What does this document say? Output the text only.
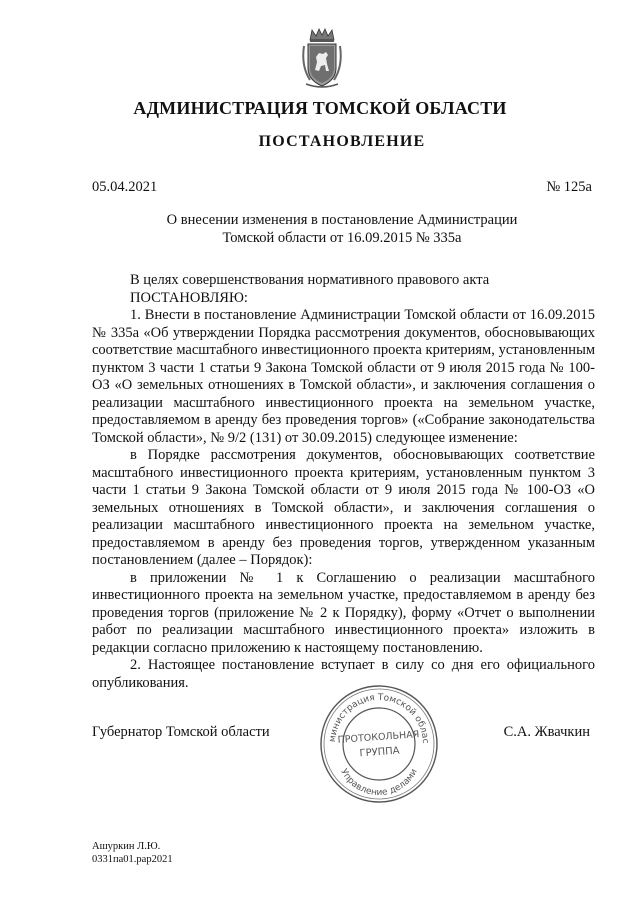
АДМИНИСТРАЦИЯ ТОМСКОЙ ОБЛАСТИ
ПОСТАНОВЛЕНИЕ
05.04.2021	№ 125а
О внесении изменения в постановление Администрации
Томской области от 16.09.2015 № 335а

В целях совершенствования нормативного правового акта

ПОСТАНОВЛЯЮ:

1. Внести в постановление Администрации Томской области от 16.09.2015 № 335а «Об утверждении Порядка рассмотрения документов, обосновывающих соответствие масштабного инвестиционного проекта критериям, установленным пунктом 3 части 1 статьи 9 Закона Томской области от 9 июля 2015 года № 100-ОЗ «О земельных отношениях в Томской области», и заключения соглашения о реализации масштабного инвестиционного проекта на земельном участке, предоставляемом в аренду без проведения торгов» («Собрание законодательства Томской области», № 9/2 (131) от 30.09.2015) следующее изменение:

в Порядке рассмотрения документов, обосновывающих соответствие масштабного инвестиционного проекта критериям, установленным пунктом 3 части 1 статьи 9 Закона Томской области от 9 июля 2015 года № 100-ОЗ «О земельных отношениях в Томской области», и заключения соглашения о реализации масштабного инвестиционного проекта на земельном участке, предоставляемом в аренду без проведения торгов, утвержденном указанным постановлением (далее – Порядок):

в приложении № 1 к Соглашению о реализации масштабного инвестиционного проекта на земельном участке, предоставляемом в аренду без проведения торгов (приложение № 2 к Порядку), форму «Отчет о выполнении работ по реализации масштабного инвестиционного проекта» изложить в редакции согласно приложению к настоящему постановлению.

2. Настоящее постановление вступает в силу со дня его официального опубликования.

Губернатор Томской области	С.А. Жвачкин
министрация Томской облас
Управление делами
ПРОТОКОЛЬНАЯ
ГРУППА
Ашуркин Л.Ю.
0331па01.рар2021
